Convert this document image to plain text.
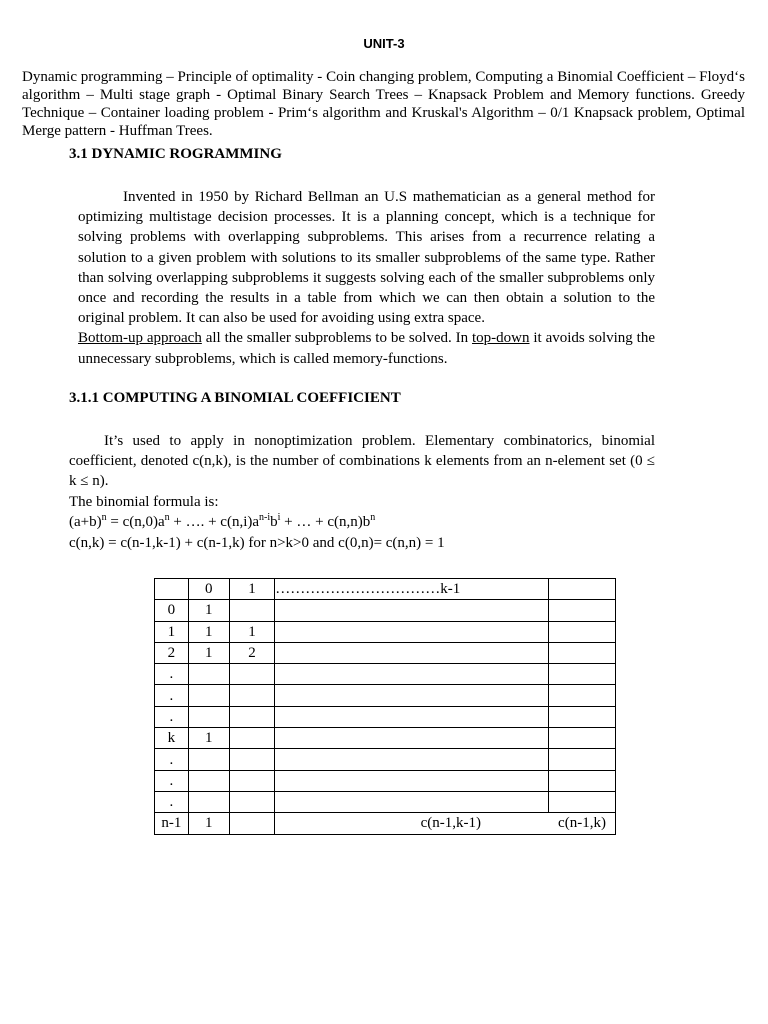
UNIT-3
Dynamic programming – Principle of optimality - Coin changing problem, Computing a Binomial Coefficient – Floyd‘s algorithm – Multi stage graph - Optimal Binary Search Trees – Knapsack Problem and Memory functions. Greedy Technique – Container loading problem - Prim‘s algorithm and Kruskal's Algorithm – 0/1 Knapsack problem, Optimal Merge pattern - Huffman Trees.
3.1 DYNAMIC ROGRAMMING

Invented in 1950 by Richard Bellman an U.S mathematician as a general method for optimizing multistage decision processes. It is a planning concept, which is a technique for solving problems with overlapping subproblems. This arises from a recurrence relating a solution to a given problem with solutions to its smaller subproblems of the same type. Rather than solving overlapping subproblems it suggests solving each of the smaller subproblems only once and recording the results in a table from which we can then obtain a solution to the original problem. It can also be used for avoiding using extra space.

Bottom-up approach all the smaller subproblems to be solved. In top-down it avoids solving the unnecessary subproblems, which is called memory-functions.

3.1.1 COMPUTING A BINOMIAL COEFFICIENT

It’s used to apply in nonoptimization problem. Elementary combinatorics, binomial coefficient, denoted c(n,k), is the number of combinations k elements from an n-element set (0 ≤ k ≤ n).

The binomial formula is:

$(a+b)^n = c(n,0)a^n$ + …. + $c(n,i)a^{n-i}b^i$ + … + $c(n,n)b^n$
c(n,k) = c(n-1,k-1) + c(n-1,k) for n>k>0 and c(0,n)= c(n,n) = 1
	0	1	……………………………k-1	
0	1			
1	1	1		
2	1	2		
.				
.				
.				
k	1			
.				
.				
.				
n-1	1		c(n-1,k-1) c(n-1,k)	
